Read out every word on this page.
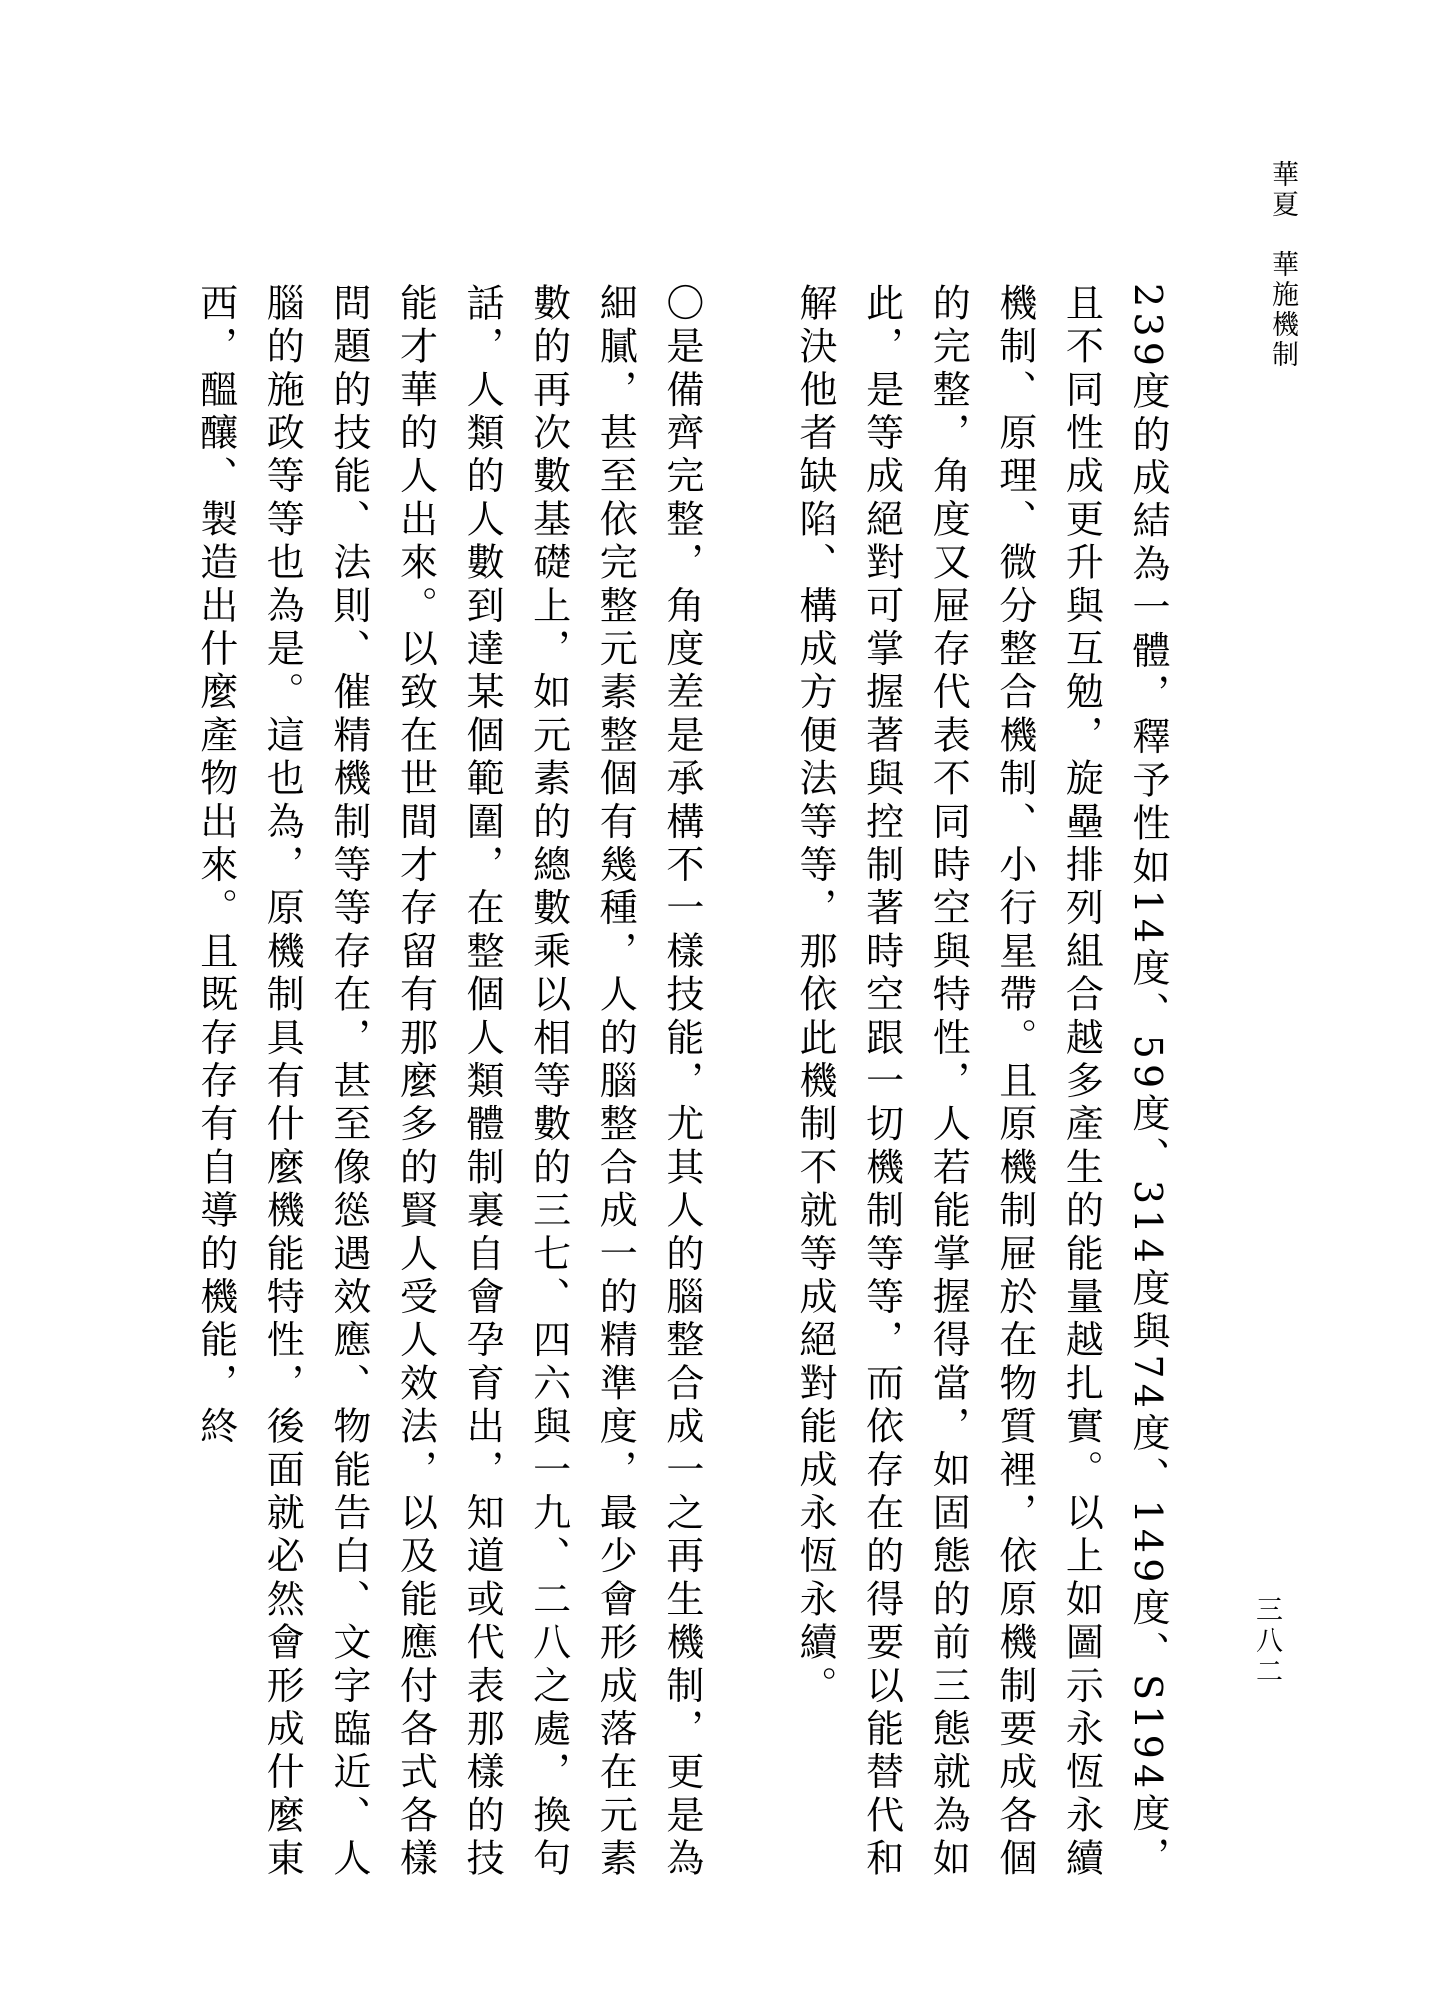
華夏　華施機制

239度的成結為一體，釋予性如14度、59度、314度與74度、149度、S194度，且不同性成更升與互勉，旋壘排列組合越多產生的能量越扎實。以上如圖示永恆永續機制、原理、微分整合機制、小行星帶。且原機制屉於在物質裡，依原機制要成各個的完整，角度又屉存代表不同時空與特性，人若能掌握得當，如固態的前三態就為如此，是等成絕對可掌握著與控制著時空跟一切機制等等，而依存在的得要以能替代和解決他者缺陷、構成方便法等等，那依此機制不就等成絕對能成永恆永續。

〇是備齊完整，角度差是承構不一樣技能，尤其人的腦整合成一之再生機制，更是為細膩，甚至依完整元素整個有幾種，人的腦整合成一的精準度，最少會形成落在元素數的再次數基礎上，如元素的總數乘以相等數的三七、四六與一九、二八之處，換句話，人類的人數到達某個範圍，在整個人類體制裏自會孕育出，知道或代表那樣的技能才華的人出來。以致在世間才存留有那麼多的賢人受人效法，以及能應付各式各樣問題的技能、法則、催精機制等等存在，甚至像慫遇效應、物能告白、文字臨近、人腦的施政等等也為是。這也為，原機制具有什麼機能特性，後面就必然會形成什麼東西，醞釀、製造出什麼產物出來。且既存存有自導的機能，終

三八二
